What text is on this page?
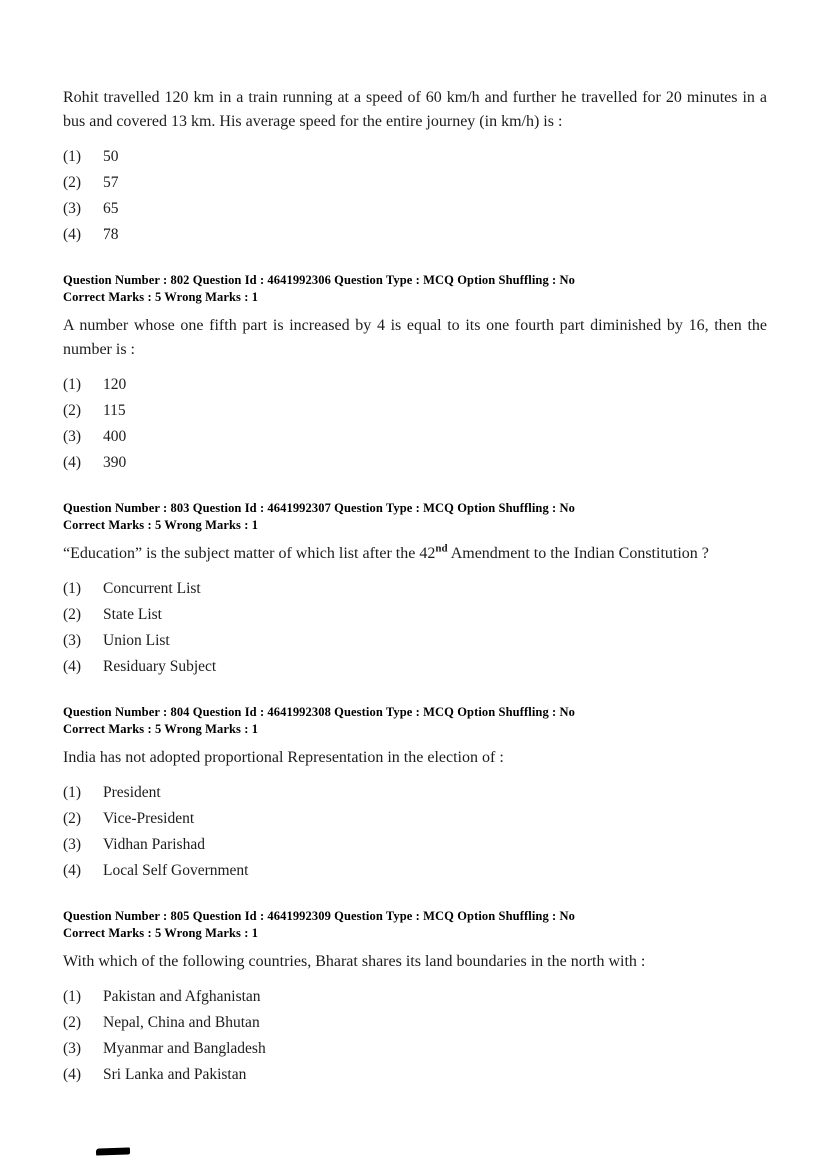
Rohit travelled 120 km in a train running at a speed of 60 km/h and further he travelled for 20 minutes in a bus and covered 13 km. His average speed for the entire journey (in km/h) is :
(1)	50
(2)	57
(3)	65
(4)	78
Question Number : 802 Question Id : 4641992306 Question Type : MCQ Option Shuffling : No
Correct Marks : 5 Wrong Marks : 1
A number whose one fifth part is increased by 4 is equal to its one fourth part diminished by 16, then the number is :
(1)	120
(2)	115
(3)	400
(4)	390
Question Number : 803 Question Id : 4641992307 Question Type : MCQ Option Shuffling : No
Correct Marks : 5 Wrong Marks : 1
“Education” is the subject matter of which list after the 42nd Amendment to the Indian Constitution ?
(1)	Concurrent List
(2)	State List
(3)	Union List
(4)	Residuary Subject
Question Number : 804 Question Id : 4641992308 Question Type : MCQ Option Shuffling : No
Correct Marks : 5 Wrong Marks : 1
India has not adopted proportional Representation in the election of :
(1)	President
(2)	Vice-President
(3)	Vidhan Parishad
(4)	Local Self Government
Question Number : 805 Question Id : 4641992309 Question Type : MCQ Option Shuffling : No
Correct Marks : 5 Wrong Marks : 1
With which of the following countries, Bharat shares its land boundaries in the north with :
(1)	Pakistan and Afghanistan
(2)	Nepal, China and Bhutan
(3)	Myanmar and Bangladesh
(4)	Sri Lanka and Pakistan
